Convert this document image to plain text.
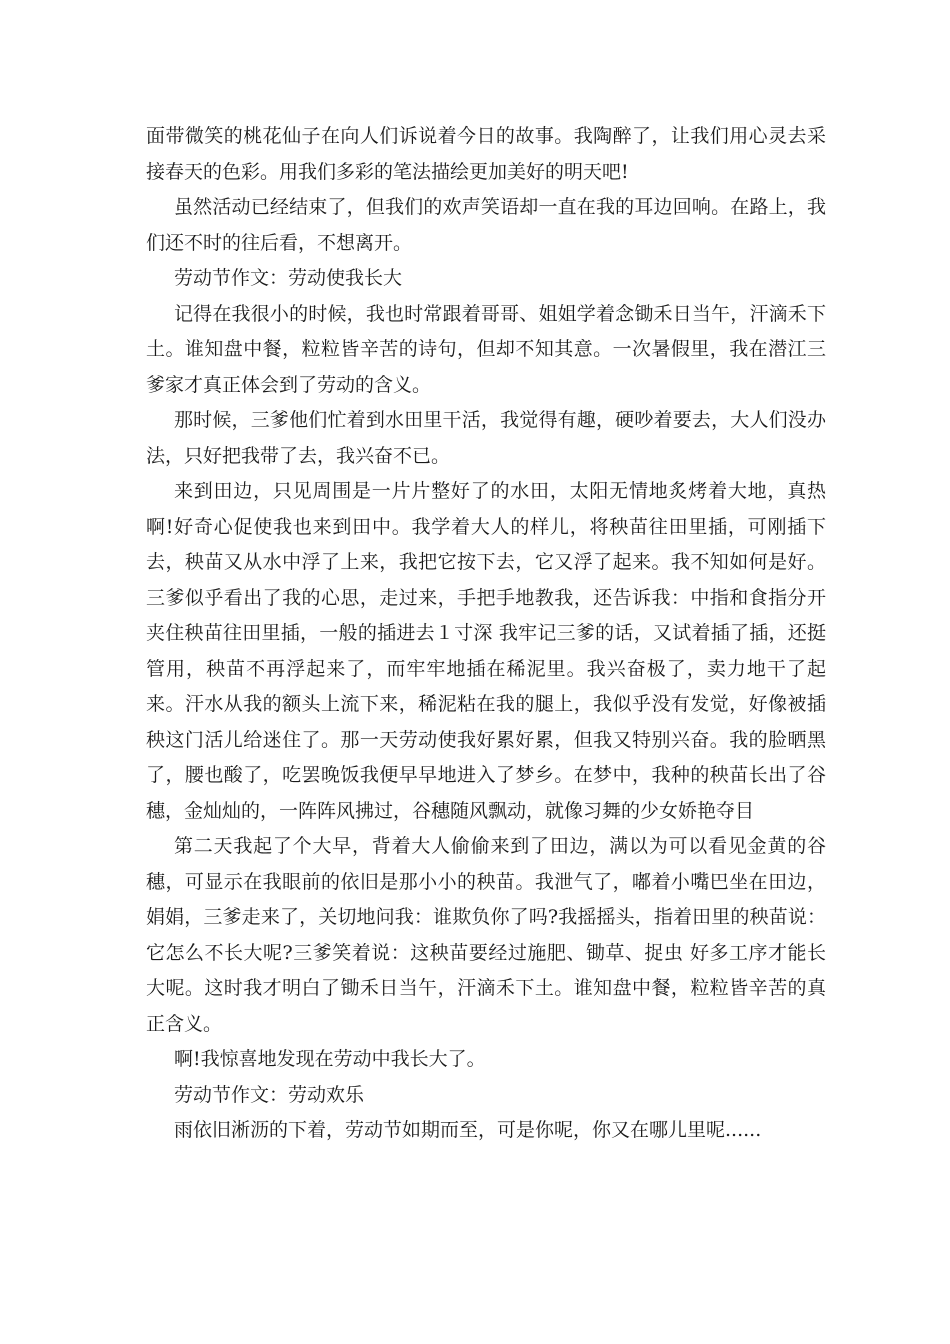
面带微笑的桃花仙子在向人们诉说着今日的故事。我陶醉了，让我们用心灵去采接春天的色彩。用我们多彩的笔法描绘更加美好的明天吧!

虽然活动已经结束了，但我们的欢声笑语却一直在我的耳边回响。在路上，我们还不时的往后看，不想离开。

劳动节作文：劳动使我长大

记得在我很小的时候，我也时常跟着哥哥、姐姐学着念锄禾日当午，汗滴禾下土。谁知盘中餐，粒粒皆辛苦的诗句，但却不知其意。一次暑假里，我在潜江三爹家才真正体会到了劳动的含义。

那时候，三爹他们忙着到水田里干活，我觉得有趣，硬吵着要去，大人们没办法，只好把我带了去，我兴奋不已。

来到田边，只见周围是一片片整好了的水田，太阳无情地炙烤着大地，真热啊!好奇心促使我也来到田中。我学着大人的样儿，将秧苗往田里插，可刚插下去，秧苗又从水中浮了上来，我把它按下去，它又浮了起来。我不知如何是好。三爹似乎看出了我的心思，走过来，手把手地教我，还告诉我：中指和食指分开夹住秧苗往田里插，一般的插进去１寸深 我牢记三爹的话，又试着插了插，还挺管用，秧苗不再浮起来了，而牢牢地插在稀泥里。我兴奋极了，卖力地干了起来。汗水从我的额头上流下来，稀泥粘在我的腿上，我似乎没有发觉，好像被插秧这门活儿给迷住了。那一天劳动使我好累好累，但我又特别兴奋。我的脸晒黑了，腰也酸了，吃罢晚饭我便早早地进入了梦乡。在梦中，我种的秧苗长出了谷穗，金灿灿的，一阵阵风拂过，谷穗随风飘动，就像习舞的少女娇艳夺目

第二天我起了个大早，背着大人偷偷来到了田边，满以为可以看见金黄的谷穗，可显示在我眼前的依旧是那小小的秧苗。我泄气了，嘟着小嘴巴坐在田边，娟娟，三爹走来了，关切地问我：谁欺负你了吗?我摇摇头，指着田里的秧苗说：它怎么不长大呢?三爹笑着说：这秧苗要经过施肥、锄草、捉虫 好多工序才能长大呢。这时我才明白了锄禾日当午，汗滴禾下土。谁知盘中餐，粒粒皆辛苦的真正含义。

啊!我惊喜地发现在劳动中我长大了。

劳动节作文：劳动欢乐

雨依旧淅沥的下着，劳动节如期而至，可是你呢，你又在哪儿里呢......
